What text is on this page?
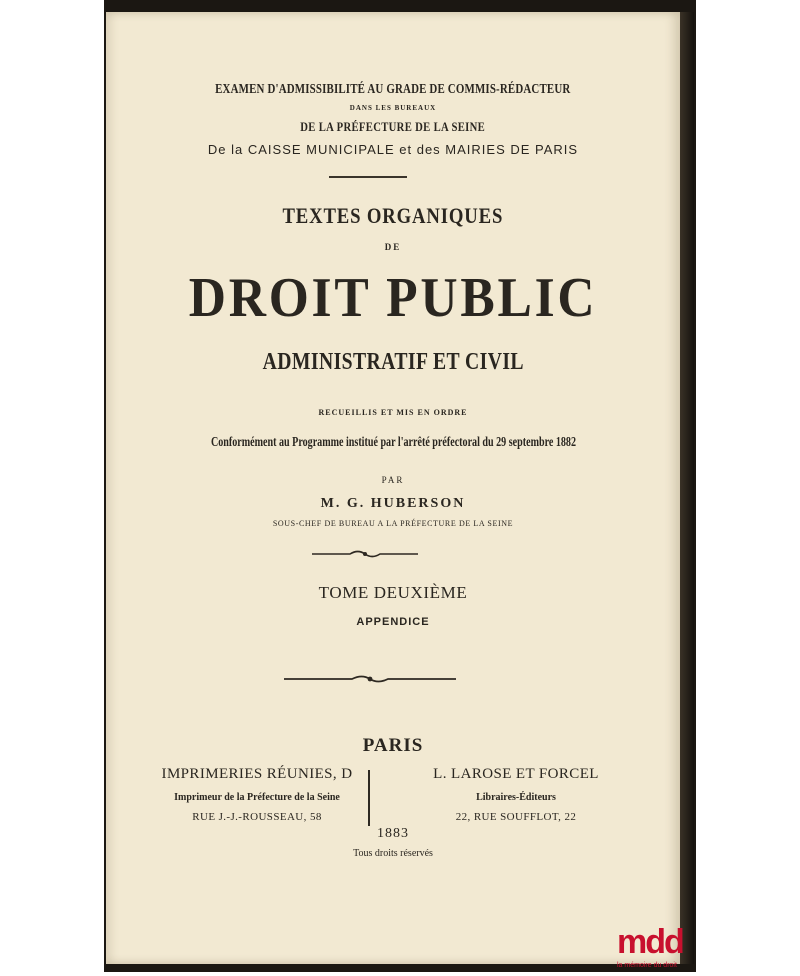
EXAMEN D'ADMISSIBILITÉ AU GRADE DE COMMIS-RÉDACTEUR
DANS LES BUREAUX
DE LA PRÉFECTURE DE LA SEINE
De la CAISSE MUNICIPALE et des MAIRIES DE PARIS
TEXTES ORGANIQUES
DE
DROIT PUBLIC
ADMINISTRATIF ET CIVIL
RECUEILLIS ET MIS EN ORDRE
Conformément au Programme institué par l'arrêté préfectoral du 29 septembre 1882
PAR
M. G. HUBERSON
SOUS-CHEF DE BUREAU A LA PRÉFECTURE DE LA SEINE
TOME DEUXIÈME
APPENDICE
PARIS
IMPRIMERIES RÉUNIES, D
Imprimeur de la Préfecture de la Seine
RUE J.-J.-ROUSSEAU, 58
L. LAROSE ET FORCEL
Libraires-Éditeurs
22, RUE SOUFFLOT, 22
1883
Tous droits réservés
mdd
la mémoire du droit
